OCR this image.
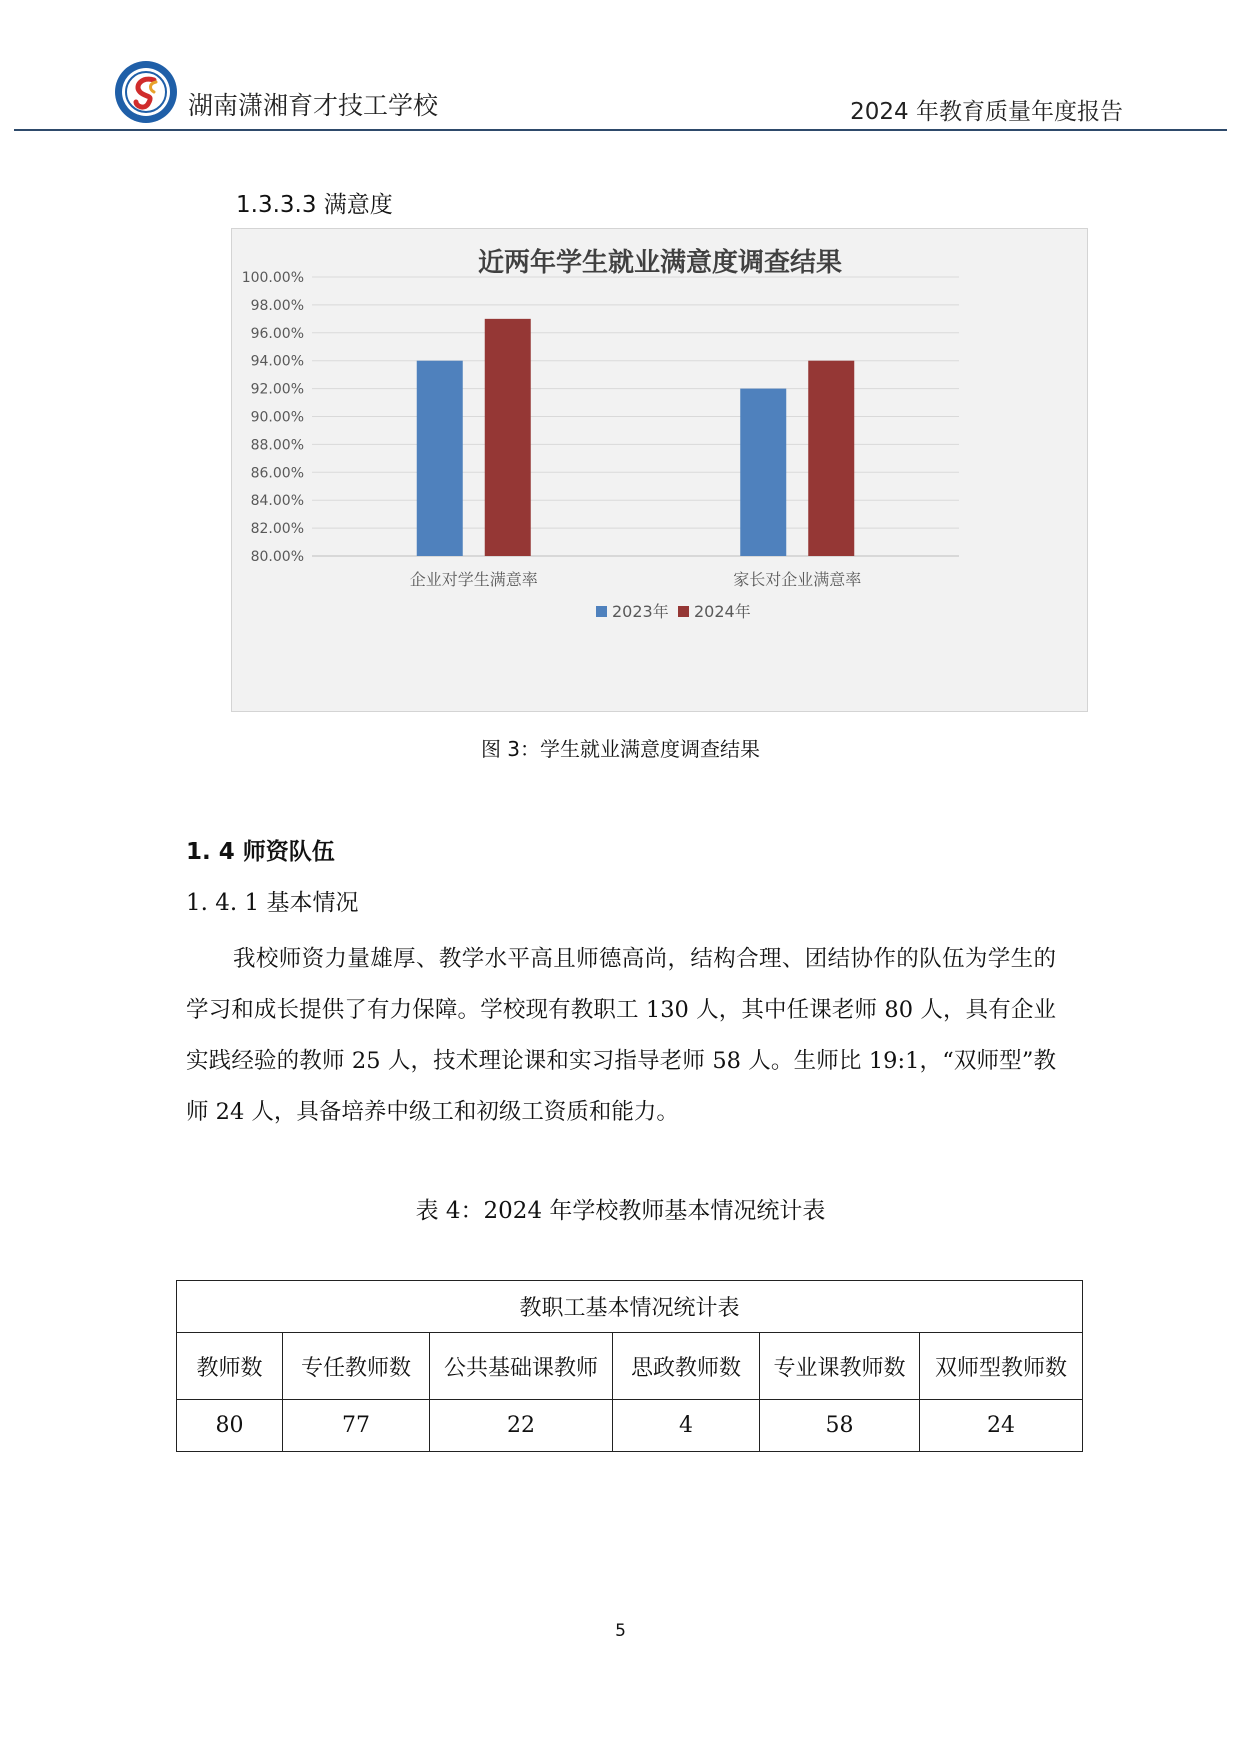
湖南潇湘育才技工学校	2024 年教育质量年度报告
1.3.3.3 满意度
近两年学生就业满意度调查结果
100.00%
98.00%
96.00%
94.00%
92.00%
90.00%
88.00%
86.00%
84.00%
82.00%
80.00%
企业对学生满意率	家长对企业满意率
2023年 2024年
图 3：学生就业满意度调查结果
1. 4 师资队伍
1. 4. 1 基本情况
我校师资力量雄厚、教学水平高且师德高尚，结构合理、团结协作的队伍为学生的学习和成长提供了有力保障。学校现有教职工 130 人，其中任课老师 80 人，具有企业实践经验的教师 25 人，技术理论课和实习指导老师 58 人。生师比 19:1，“双师型”教师 24 人，具备培养中级工和初级工资质和能力。
表 4：2024 年学校教师基本情况统计表
教职工基本情况统计表					
教师数	专任教师数	公共基础课教师	思政教师数	专业课教师数	双师型教师数
80	77	22	4	58	24
5
